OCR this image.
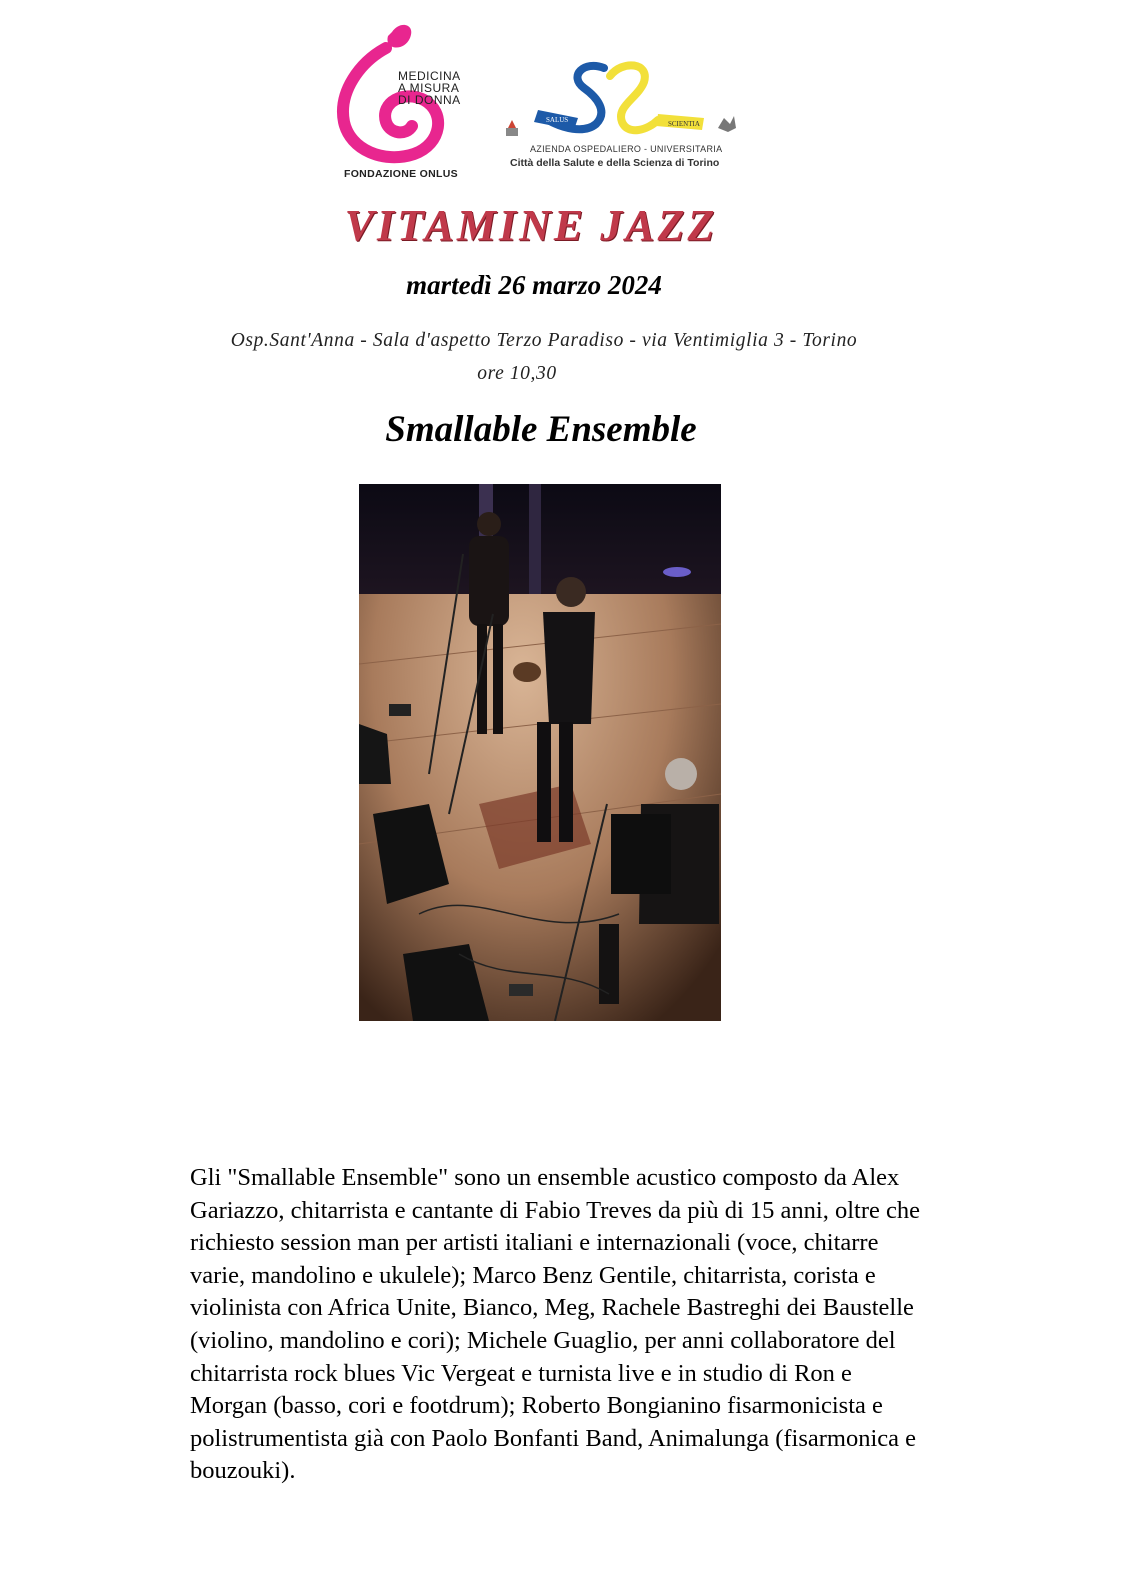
MEDICINA
A MISURA
DI DONNA
FONDAZIONE ONLUS
SALUS	SCIENTIA
AZIENDA OSPEDALIERO - UNIVERSITARIA
Città della Salute e della Scienza di Torino
VITAMINE JAZZ
martedì 26 marzo 2024
Osp.Sant'Anna - Sala d'aspetto Terzo Paradiso - via Ventimiglia 3 - Torino
ore 10,30
Smallable Ensemble
Gli "Smallable Ensemble" sono un ensemble acustico composto da Alex Gariazzo, chitarrista e cantante di Fabio Treves da più di 15 anni, oltre che richiesto session man per artisti italiani e internazionali (voce, chitarre varie, mandolino e ukulele); Marco Benz Gentile, chitarrista, corista e violinista con Africa Unite, Bianco, Meg, Rachele Bastreghi dei Baustelle (violino, mandolino e cori); Michele Guaglio, per anni collaboratore del chitarrista rock blues Vic Vergeat e turnista live e in studio di Ron e Morgan (basso, cori e footdrum); Roberto Bongianino fisarmonicista e polistrumentista già con Paolo Bonfanti Band, Animalunga (fisarmonica e bouzouki).
